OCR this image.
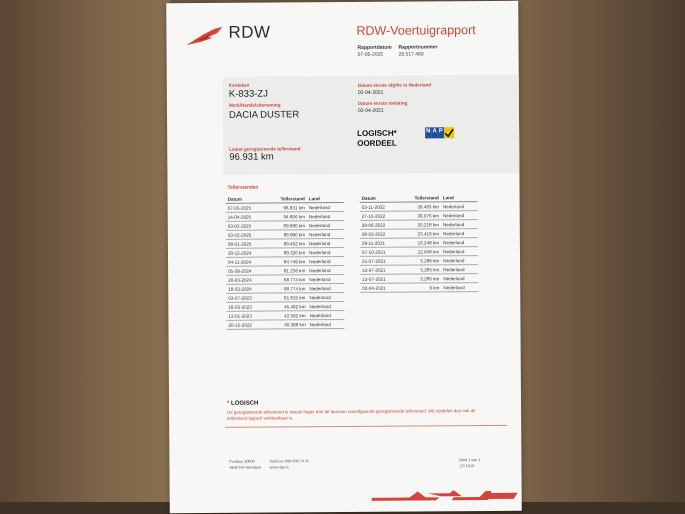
RDW	RDW-Voertuigrapport
Rapportdatum
07-05-2025
Rapportnummer
28.517.480
Kenteken
K-833-ZJ
Merk/Handelsbenaming
DACIA DUSTER
Laatst geregistreerde tellerstand
96.931 km
Datum eerste afgifte in Nederland
02-04-2021
Datum eerste toelating
02-04-2021
LOGISCH*
OORDEEL
N A P
Tellerstanden
Datum	Tellerstand	Land
07-05-2025	96.931 km	Nederland
14-04-2025	94.856 km	Nederland
03-02-2025	89.990 km	Nederland
03-02-2025	89.990 km	Nederland
08-01-2025	89.452 km	Nederland
30-12-2024	89.320 km	Nederland
04-11-2024	84.749 km	Nederland
05-09-2024	81.236 km	Nederland
20-03-2024	68.774 km	Nederland
18-03-2024	68.774 km	Nederland
03-07-2023	61.815 km	Nederland
16-03-2023	45.492 km	Nederland
13-01-2023	42.562 km	Nederland
20-12-2022	40.388 km	Nederland
Datum	Tellerstand	Land
03-11-2022	39.483 km	Nederland
27-10-2022	39.075 km	Nederland
28-06-2022	30.218 km	Nederland
28-03-2022	23.416 km	Nederland
29-11-2021	16.248 km	Nederland
07-10-2021	12.648 km	Nederland
21-07-2021	5.286 km	Nederland
13-07-2021	5.285 km	Nederland
13-07-2021	5.285 km	Nederland
02-04-2021	6 km	Nederland
* LOGISCH
De geregistreerde tellerstand is steeds hoger dan de daaraan voorafgaande geregistreerde tellerstand. Wij oordelen dan ook de tellerstand logisch verklaarbaar is.
Postbus 30000
9640 RA Veendam
Telefoon 088 008 74 41
www.rdw.nl
Blad 1 van 1
2/3 1619
